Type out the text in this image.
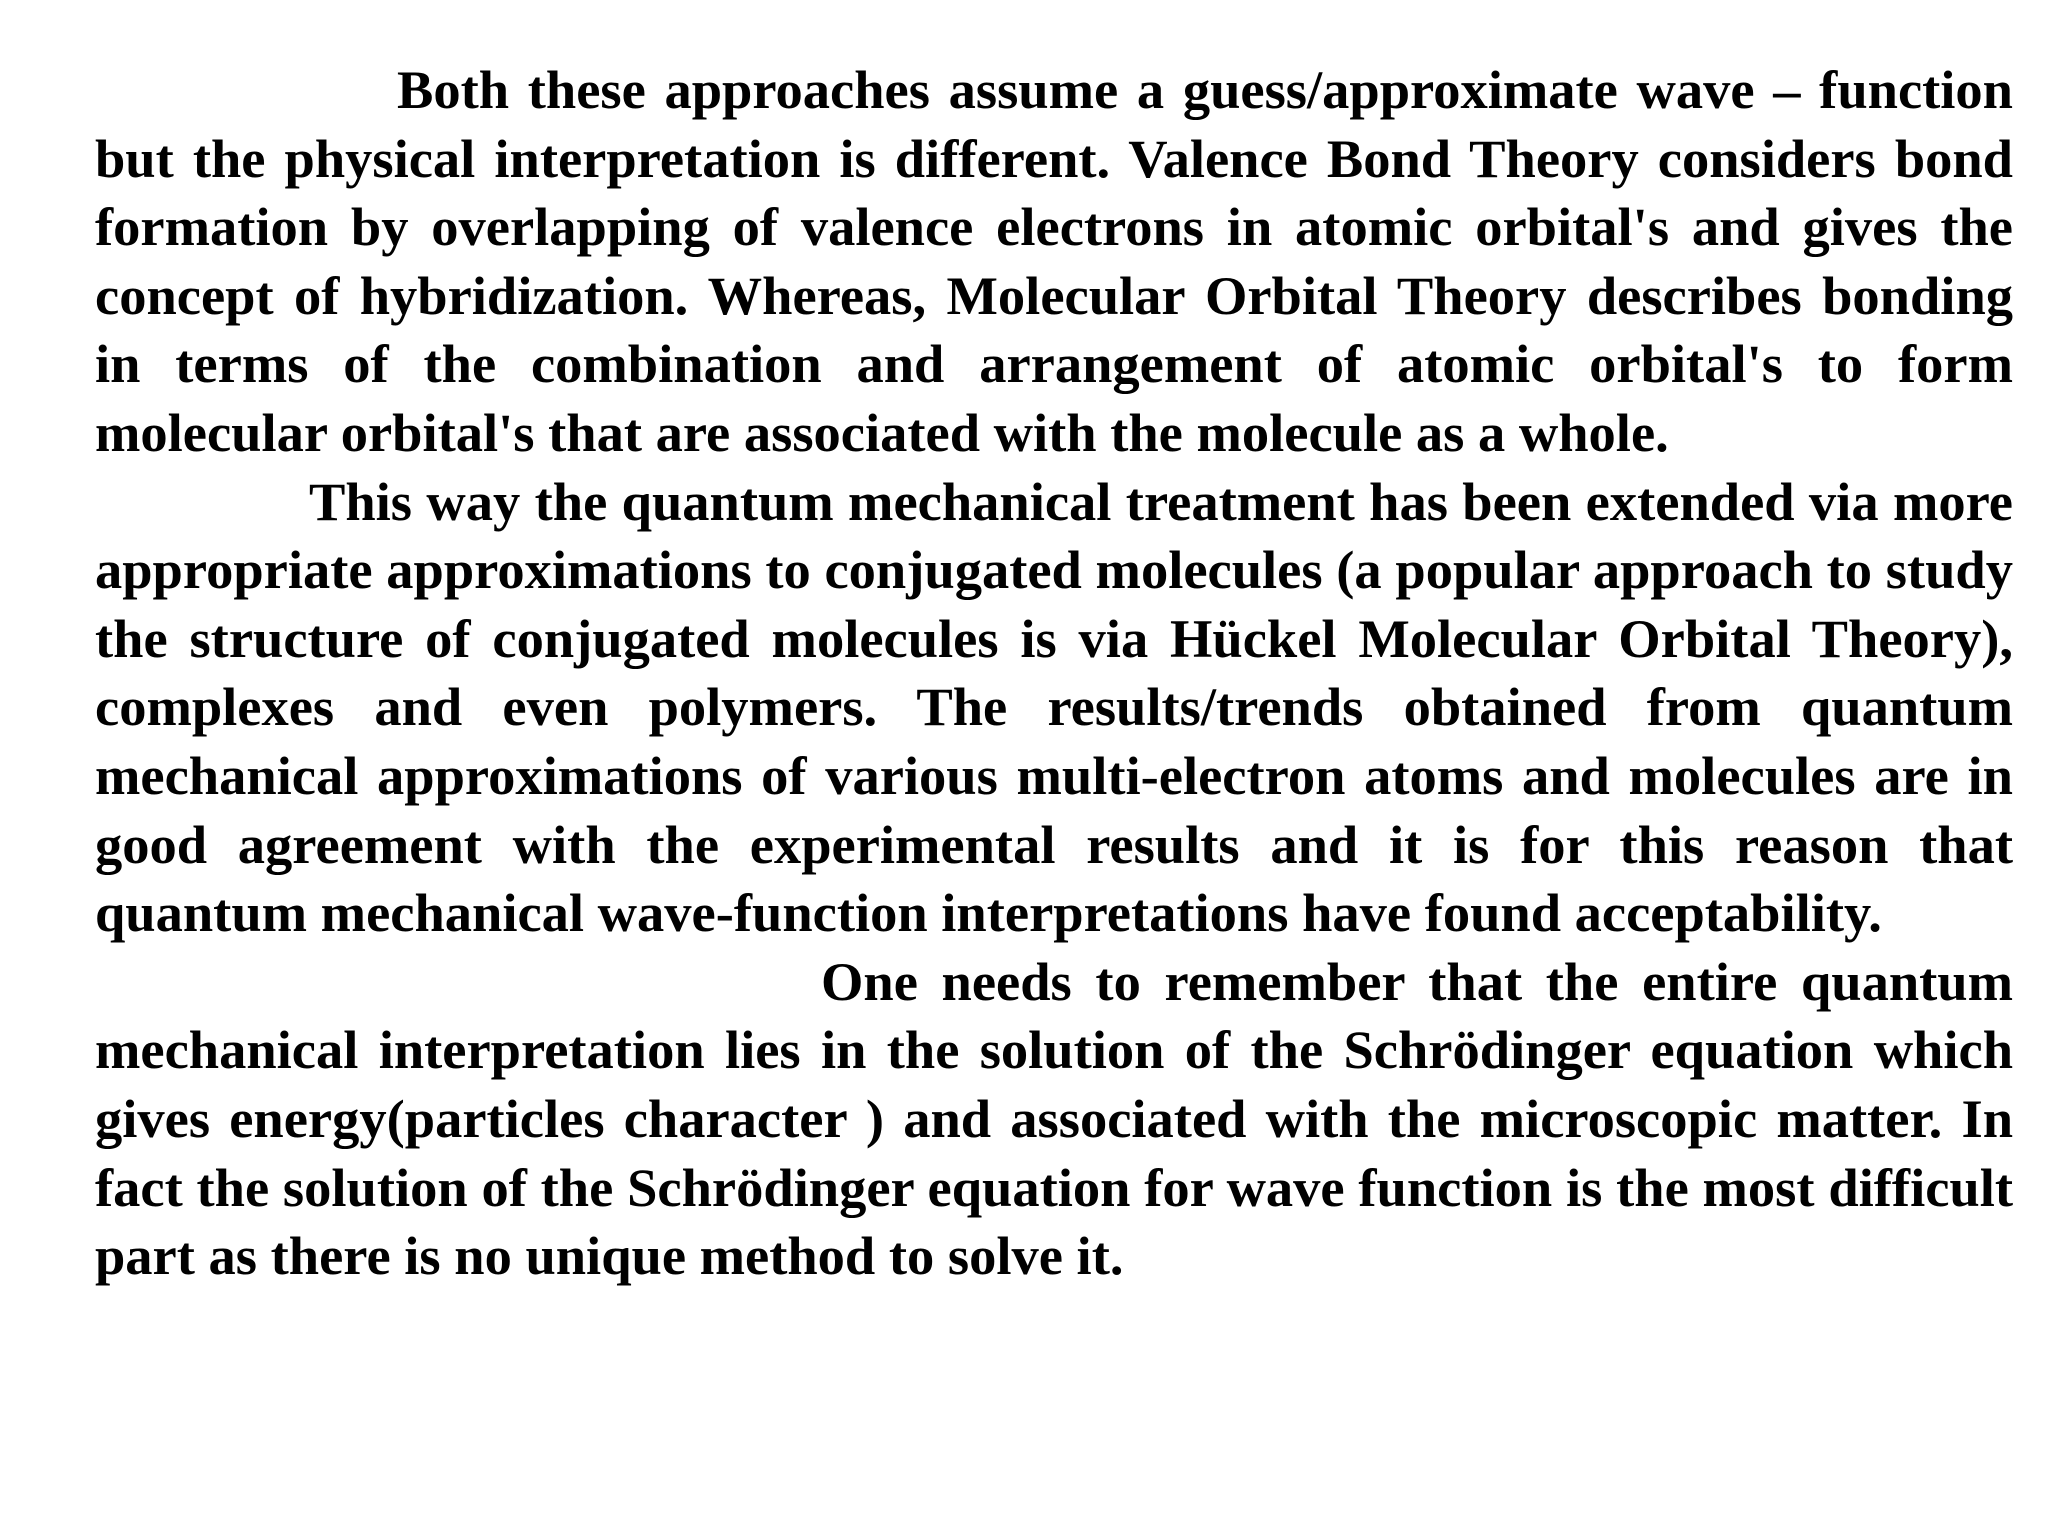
Both these approaches assume a guess/approximate wave – function but the physical interpretation is different. Valence Bond Theory considers bond formation by overlapping of valence electrons in atomic orbital's and gives the concept of hybridization. Whereas, Molecular Orbital Theory describes bonding in terms of the combination and arrangement of atomic orbital's to form molecular orbital's that are associated with the molecule as a whole.

This way the quantum mechanical treatment has been extended via more appropriate approximations to conjugated molecules (a popular approach to study the structure of conjugated molecules is via Hückel Molecular Orbital Theory), complexes and even polymers. The results/trends obtained from quantum mechanical approximations of various multi-electron atoms and molecules are in good agreement with the experimental results and it is for this reason that quantum mechanical wave-function interpretations have found acceptability.

One needs to remember that the entire quantum mechanical interpretation lies in the solution of the Schrödinger equation which gives energy(particles character ) and associated with the microscopic matter. In fact the solution of the Schrödinger equation for wave function is the most difficult part as there is no unique method to solve it.
